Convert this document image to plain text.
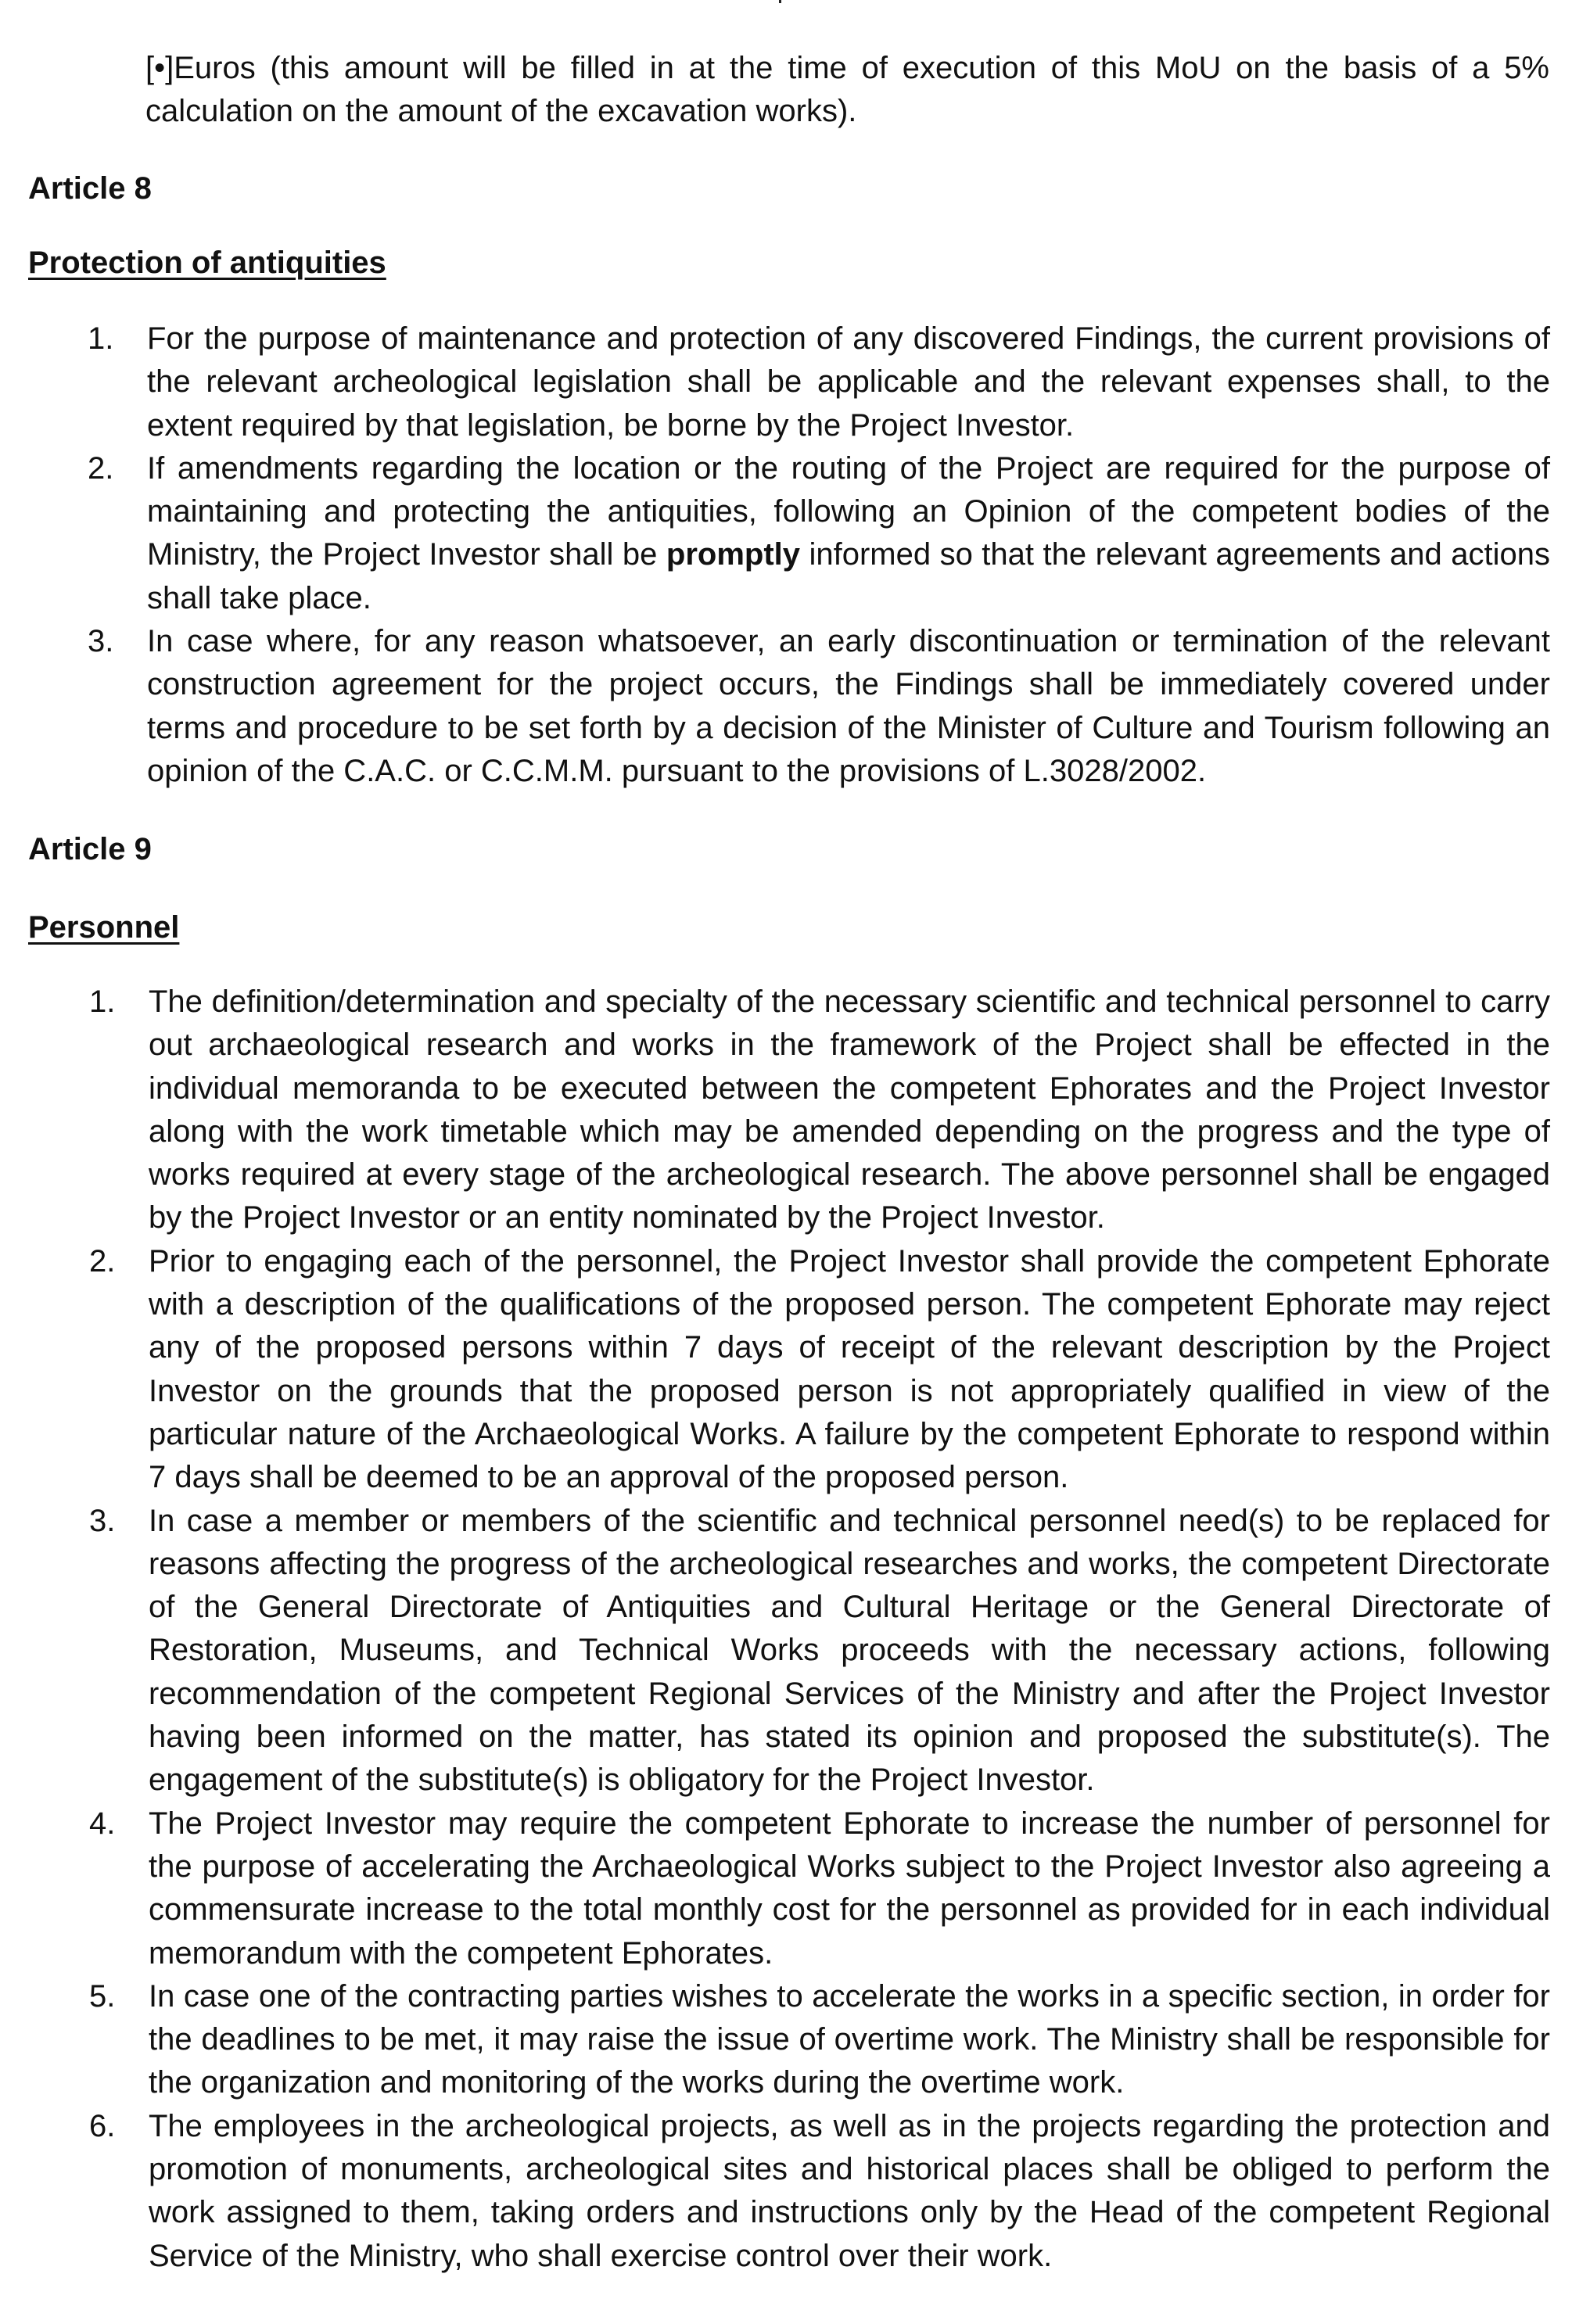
[•]Euros (this amount will be filled in at the time of execution of this MoU on the basis of a 5% calculation on the amount of the excavation works).

Article 8
Protection of antiquities
1. For the purpose of maintenance and protection of any discovered Findings, the current provisions of the relevant archeological legislation shall be applicable and the relevant expenses shall, to the extent required by that legislation, be borne by the Project Investor.
2. If amendments regarding the location or the routing of the Project are required for the purpose of maintaining and protecting the antiquities, following an Opinion of the competent bodies of the Ministry, the Project Investor shall be promptly informed so that the relevant agreements and actions shall take place.
3. In case where, for any reason whatsoever, an early discontinuation or termination of the relevant construction agreement for the project occurs, the Findings shall be immediately covered under terms and procedure to be set forth by a decision of the Minister of Culture and Tourism following an opinion of the C.A.C. or C.C.M.M. pursuant to the provisions of L.3028/2002.
Article 9
Personnel
1. The definition/determination and specialty of the necessary scientific and technical personnel to carry out archaeological research and works in the framework of the Project shall be effected in the individual memoranda to be executed between the competent Ephorates and the Project Investor along with the work timetable which may be amended depending on the progress and the type of works required at every stage of the archeological research. The above personnel shall be engaged by the Project Investor or an entity nominated by the Project Investor.
2. Prior to engaging each of the personnel, the Project Investor shall provide the competent Ephorate with a description of the qualifications of the proposed person. The competent Ephorate may reject any of the proposed persons within 7 days of receipt of the relevant description by the Project Investor on the grounds that the proposed person is not appropriately qualified in view of the particular nature of the Archaeological Works. A failure by the competent Ephorate to respond within 7 days shall be deemed to be an approval of the proposed person.
3. In case a member or members of the scientific and technical personnel need(s) to be replaced for reasons affecting the progress of the archeological researches and works, the competent Directorate of the General Directorate of Antiquities and Cultural Heritage or the General Directorate of Restoration, Museums, and Technical Works proceeds with the necessary actions, following recommendation of the competent Regional Services of the Ministry and after the Project Investor having been informed on the matter, has stated its opinion and proposed the substitute(s). The engagement of the substitute(s) is obligatory for the Project Investor.
4. The Project Investor may require the competent Ephorate to increase the number of personnel for the purpose of accelerating the Archaeological Works subject to the Project Investor also agreeing a commensurate increase to the total monthly cost for the personnel as provided for in each individual memorandum with the competent Ephorates.
5. In case one of the contracting parties wishes to accelerate the works in a specific section, in order for the deadlines to be met, it may raise the issue of overtime work. The Ministry shall be responsible for the organization and monitoring of the works during the overtime work.
6. The employees in the archeological projects, as well as in the projects regarding the protection and promotion of monuments, archeological sites and historical places shall be obliged to perform the work assigned to them, taking orders and instructions only by the Head of the competent Regional Service of the Ministry, who shall exercise control over their work.
